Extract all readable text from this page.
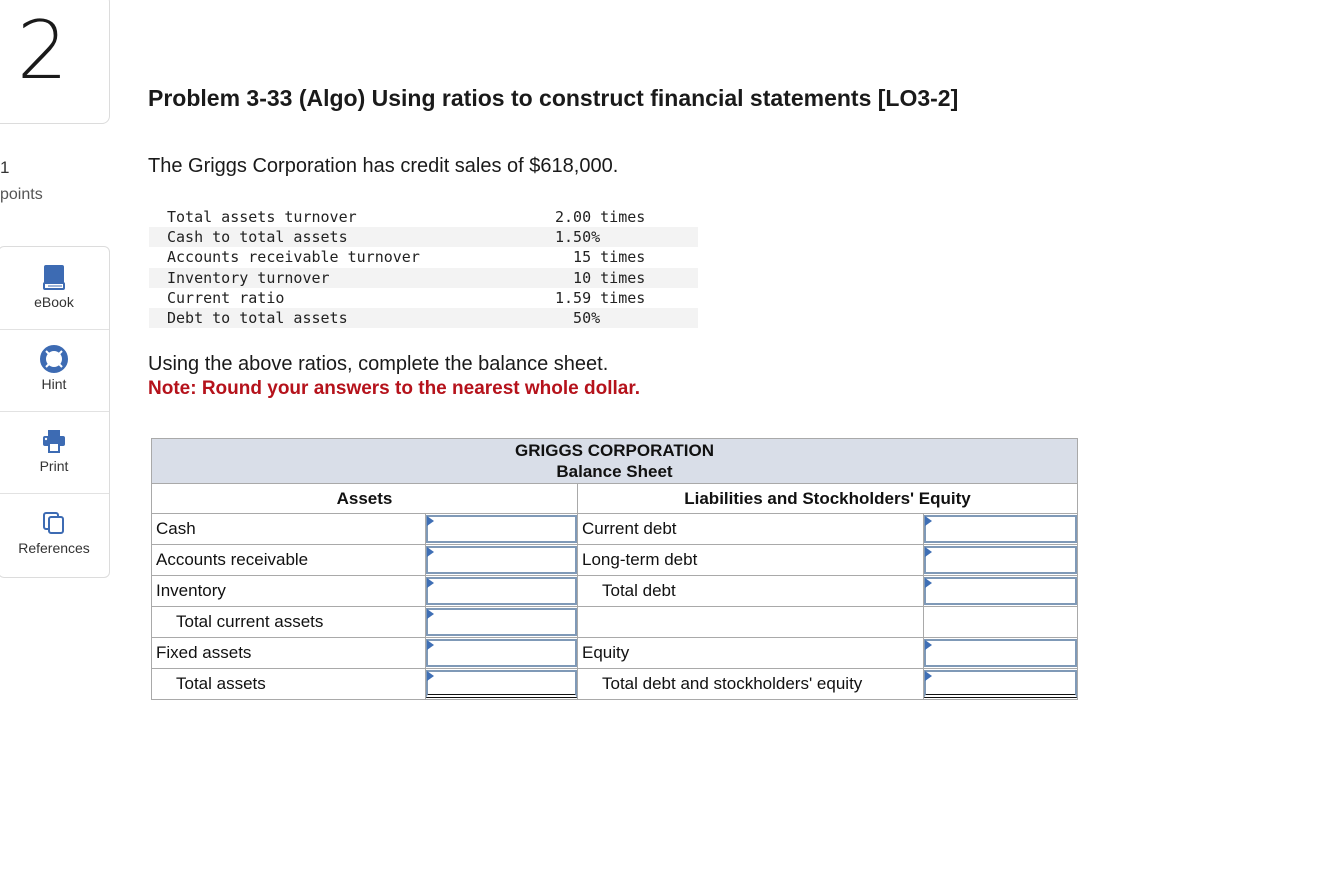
2
1
points
eBook
Hint
Print
References
Problem 3-33 (Algo) Using ratios to construct financial statements [LO3-2]
The Griggs Corporation has credit sales of $618,000.
Total assets turnover	2.00 times
Cash to total assets	1.50%
Accounts receivable turnover	15 times
Inventory turnover	10 times
Current ratio	1.59 times
Debt to total assets	50%
Using the above ratios, complete the balance sheet.
Note: Round your answers to the nearest whole dollar.
GRIGGS CORPORATION
Balance Sheet			

Assets		Liabilities and Stockholders' Equity	
Cash		Current debt	

Accounts receivable		Long-term debt	

Inventory		Total debt	

Total current assets	

Fixed assets		Equity	

Total assets		Total debt and stockholders' equity	
